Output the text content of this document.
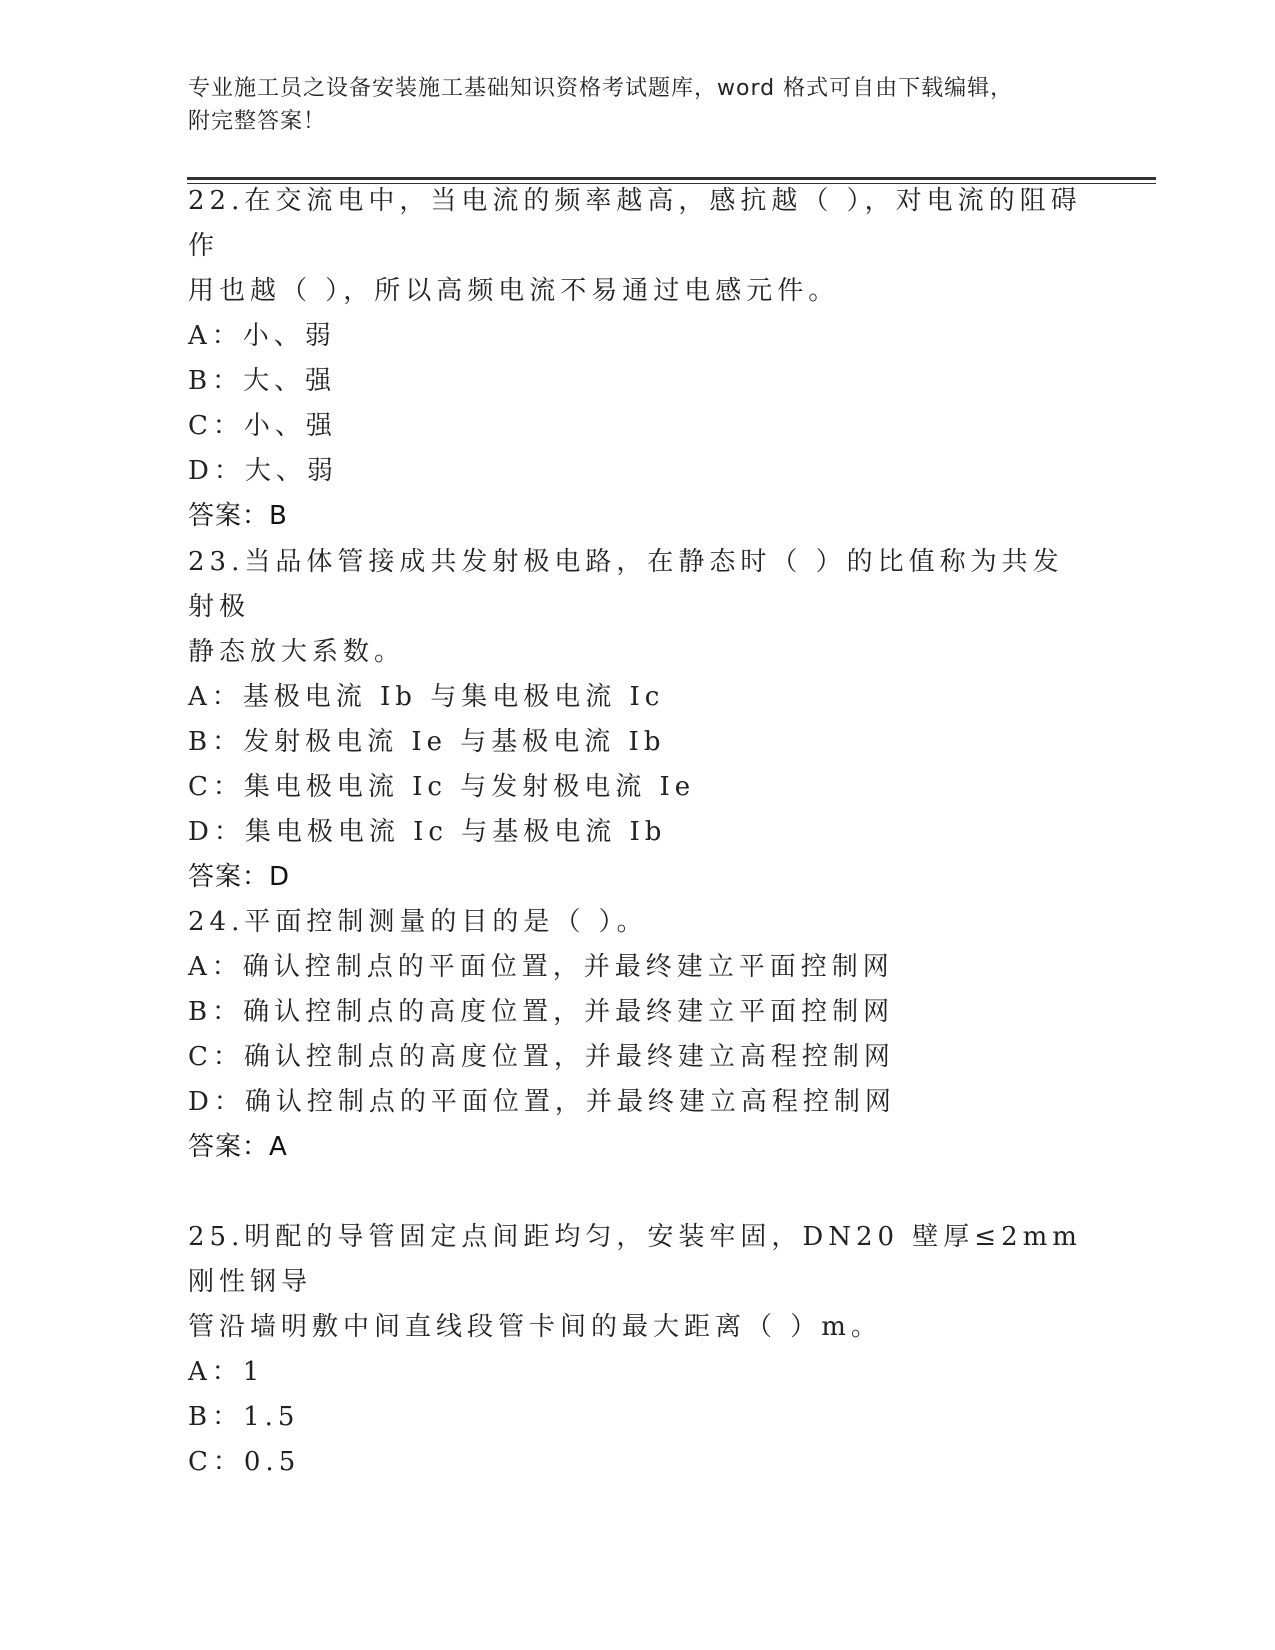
专业施工员之设备安装施工基础知识资格考试题库，word 格式可自由下载编辑，
附完整答案！

22.在交流电中，当电流的频率越高，感抗越（ ），对电流的阻碍作

用也越（ ），所以高频电流不易通过电感元件。

A：小、弱

B：大、强

C：小、强

D：大、弱

答案：B

23.当品体管接成共发射极电路，在静态时（ ）的比值称为共发射极

静态放大系数。

A：基极电流 Ib 与集电极电流 Ic

B：发射极电流 Ie 与基极电流 Ib

C：集电极电流 Ic 与发射极电流 Ie

D：集电极电流 Ic 与基极电流 Ib

答案：D

24.平面控制测量的目的是（ ）。

A：确认控制点的平面位置，并最终建立平面控制网

B：确认控制点的高度位置，并最终建立平面控制网

C：确认控制点的高度位置，并最终建立高程控制网

D：确认控制点的平面位置，并最终建立高程控制网

答案：A

25.明配的导管固定点间距均匀，安装牢固，DN20 壁厚≤2mm 刚性钢导

管沿墙明敷中间直线段管卡间的最大距离（ ）m。

A：1

B：1.5

C：0.5
